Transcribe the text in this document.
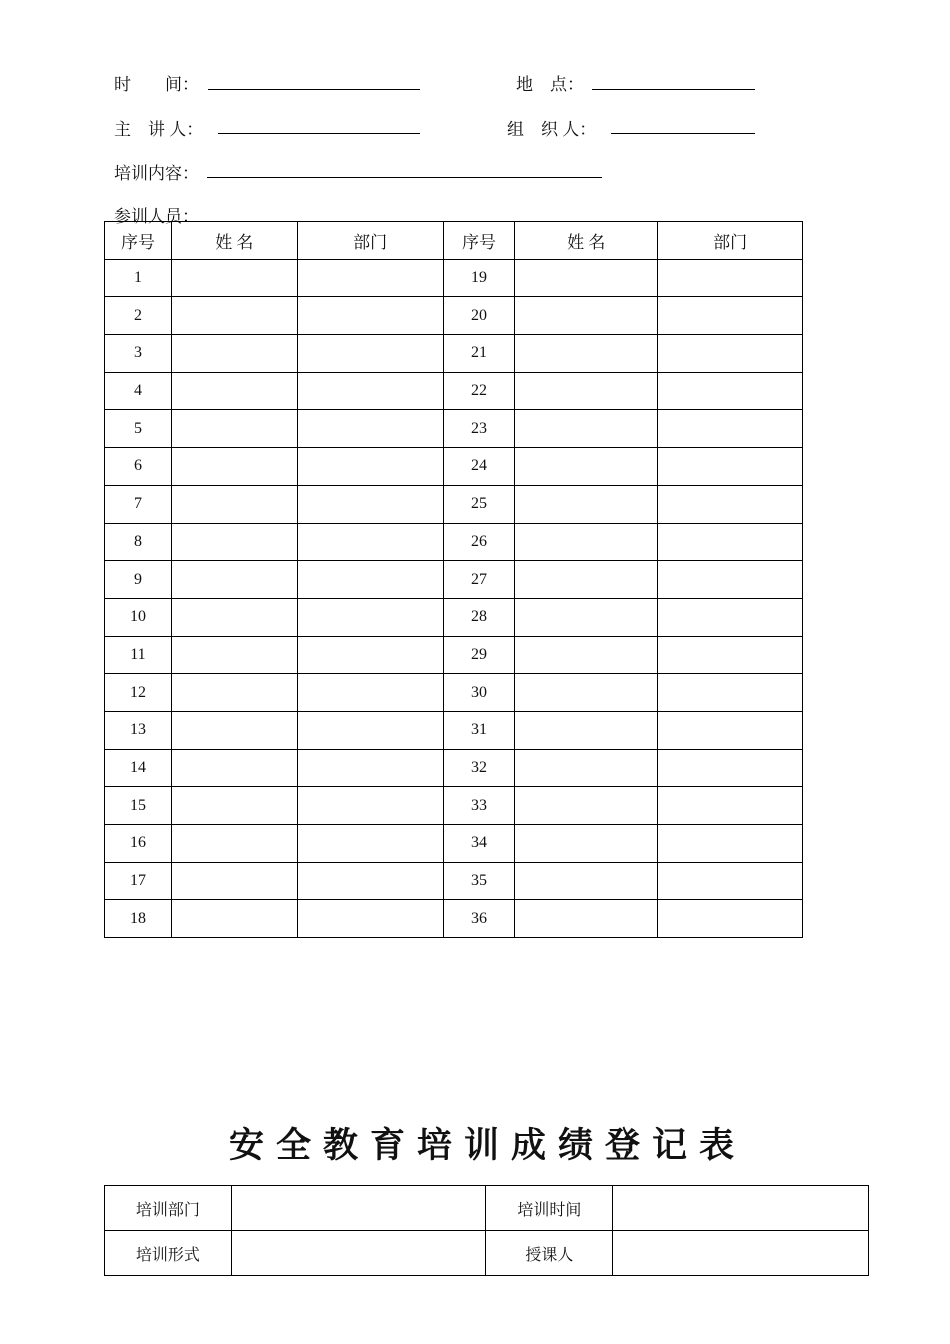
时　　间：	地　点：
主　讲 人：	组　织 人：
培训内容：
参训人员：
序号	姓 名	部门	序号	姓 名	部门
1			19		
2			20		
3			21		
4			22		
5			23		
6			24		
7			25		
8			26		
9			27		
10			28		
11			29		
12			30		
13			31		
14			32		
15			33		
16			34		
17			35		
18			36		
安全教育培训成绩登记表
培训部门		培训时间	
培训形式		授课人	
